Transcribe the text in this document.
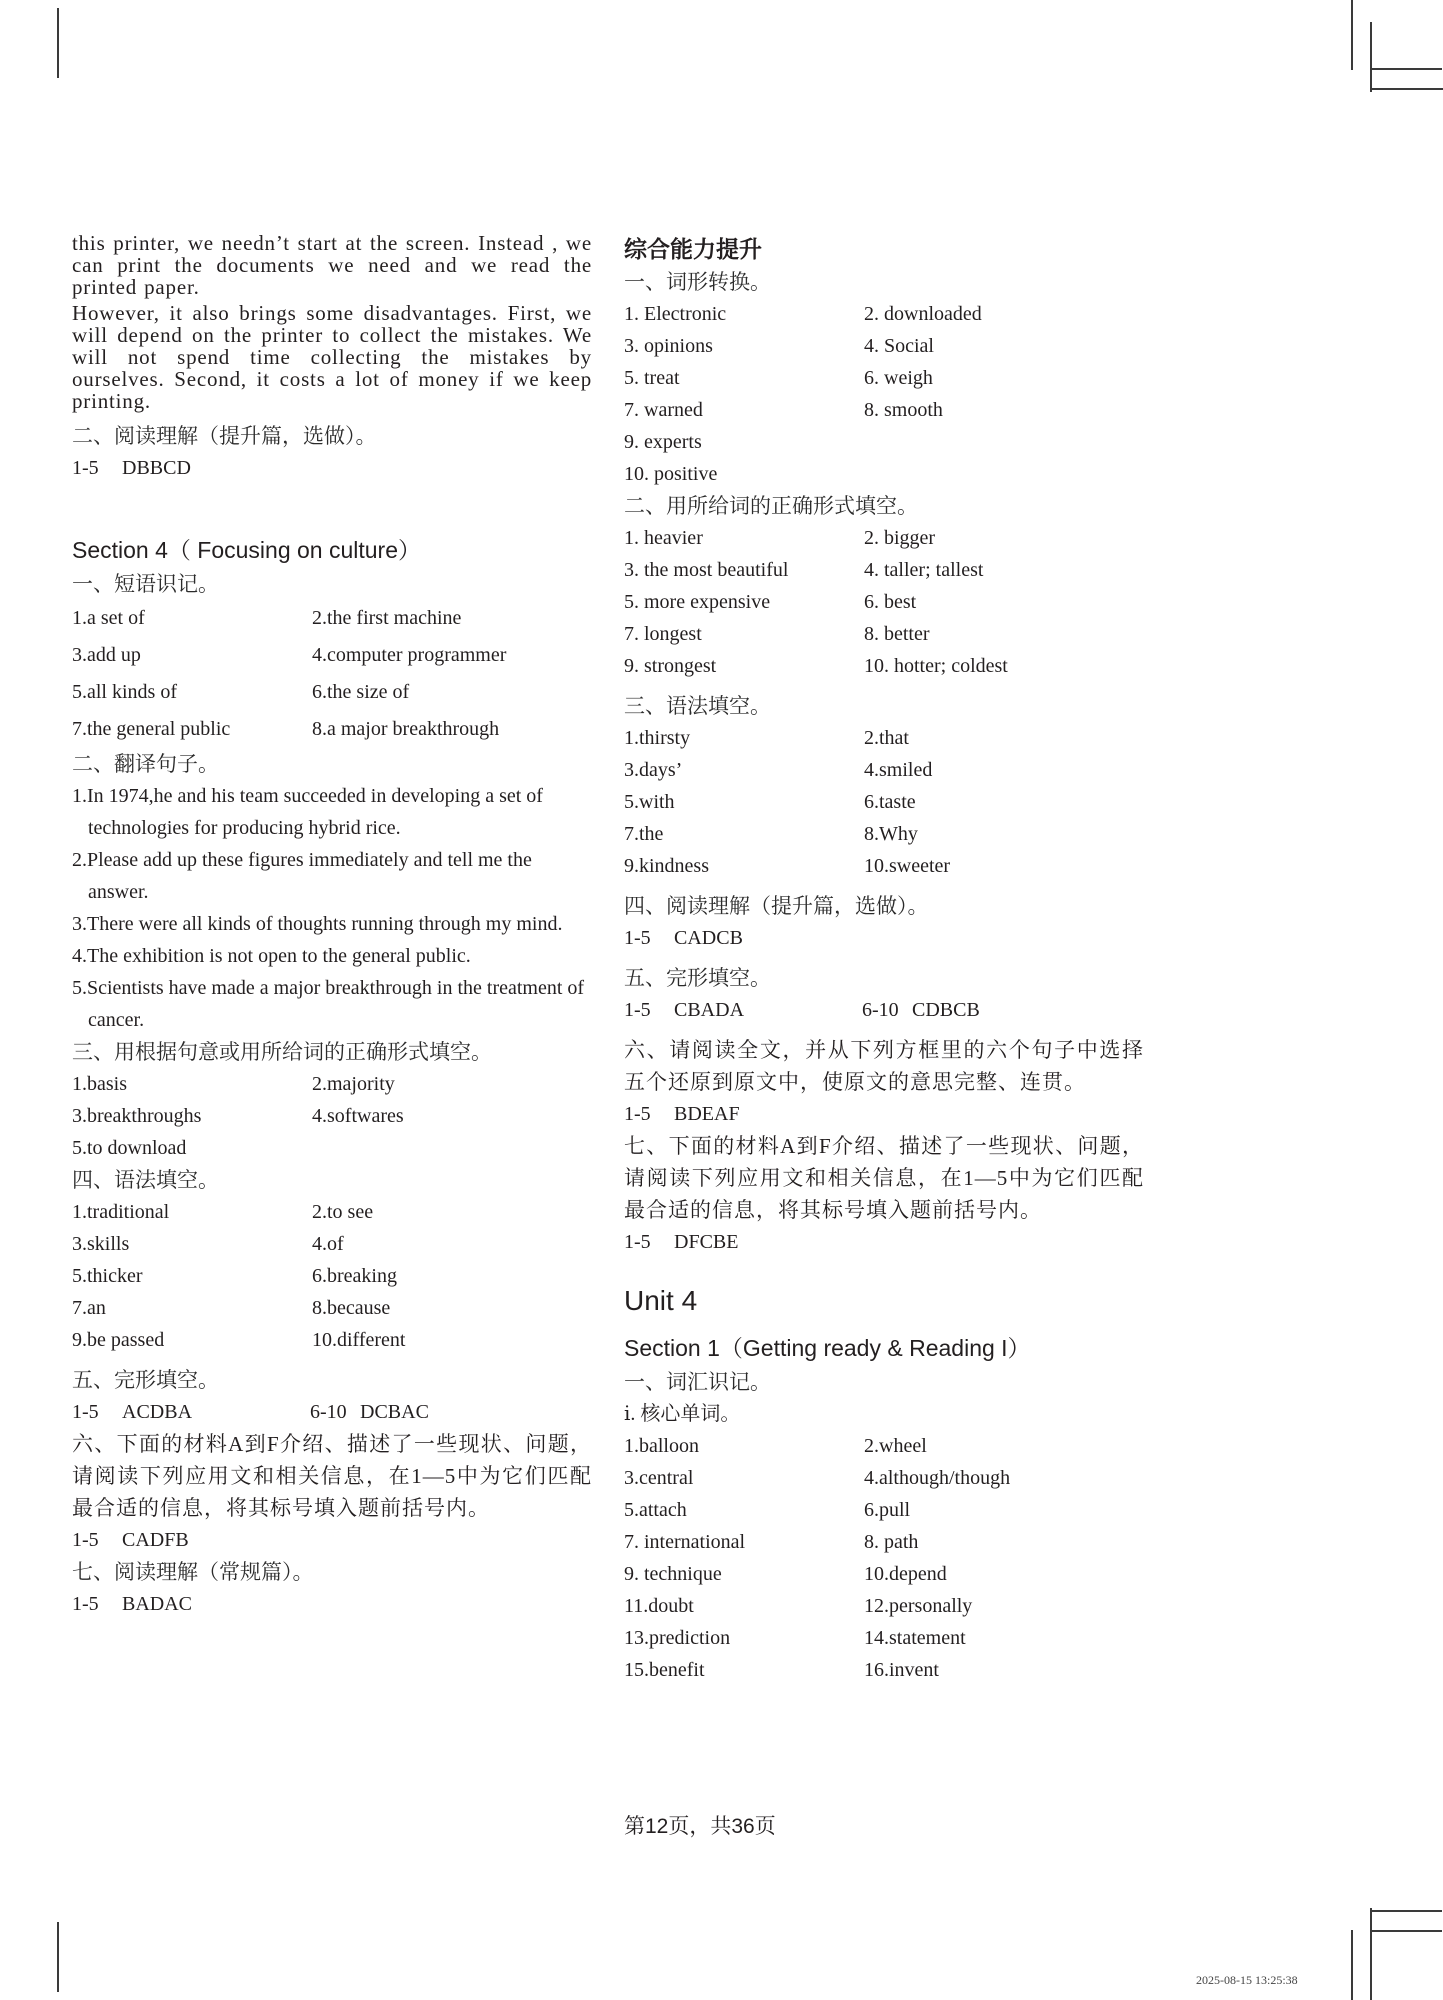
this printer, we needn’t start at the screen. Instead , we can print the documents we need and we read the printed paper.

However, it also brings some disadvantages. First, we will depend on the printer to collect the mistakes. We will not spend time collecting the mistakes by ourselves. Second, it costs a lot of money if we keep printing.

二、阅读理解（提升篇，选做）。
1-5 DBBCD
Section 4（ Focusing on culture）
一、短语识记。
1.a set of	2.the first machine
3.add up	4.computer programmer
5.all kinds of	6.the size of
7.the general public	8.a major breakthrough
二、翻译句子。
1.In 1974,he and his team succeeded in developing a set of technologies for producing hybrid rice.
2.Please add up these figures immediately and tell me the answer.
3.There were all kinds of thoughts running through my mind.
4.The exhibition is not open to the general public.
5.Scientists have made a major breakthrough in the treatment of cancer.
三、用根据句意或用所给词的正确形式填空。
1.basis	2.majority
3.breakthroughs	4.softwares
5.to download
四、语法填空。
1.traditional	2.to see
3.skills	4.of
5.thicker	6.breaking
7.an	8.because
9.be passed	10.different
五、完形填空。
1-5 ACDBA	6-10 DCBAC
六、下面的材料A到F介绍、描述了一些现状、问题，请阅读下列应用文和相关信息，在1—5中为它们匹配最合适的信息，将其标号填入题前括号内。
1-5 CADFB
七、阅读理解（常规篇）。
1-5 BADAC
综合能力提升
一、词形转换。
1. Electronic	2. downloaded
3. opinions	4. Social
5. treat	6. weigh
7. warned	8. smooth
9. experts
10. positive
二、用所给词的正确形式填空。
1. heavier	2. bigger
3. the most beautiful	4. taller; tallest
5. more expensive	6. best
7. longest	8. better
9. strongest	10. hotter; coldest
三、语法填空。
1.thirsty	2.that
3.days’	4.smiled
5.with	6.taste
7.the	8.Why
9.kindness	10.sweeter
四、阅读理解（提升篇，选做）。
1-5 CADCB
五、完形填空。
1-5 CBADA	6-10 CDBCB
六、请阅读全文，并从下列方框里的六个句子中选择五个还原到原文中，使原文的意思完整、连贯。
1-5 BDEAF
七、下面的材料A到F介绍、描述了一些现状、问题，请阅读下列应用文和相关信息，在1—5中为它们匹配最合适的信息，将其标号填入题前括号内。
1-5 DFCBE
Unit 4
Section 1（Getting ready & Reading I）
一、词汇识记。
ⅰ. 核心单词。
1.balloon	2.wheel
3.central	4.although/though
5.attach	6.pull
7. international	8. path
9. technique	10.depend
11.doubt	12.personally
13.prediction	14.statement
15.benefit	16.invent
第12页，共36页
2025-08-15 13:25:38
